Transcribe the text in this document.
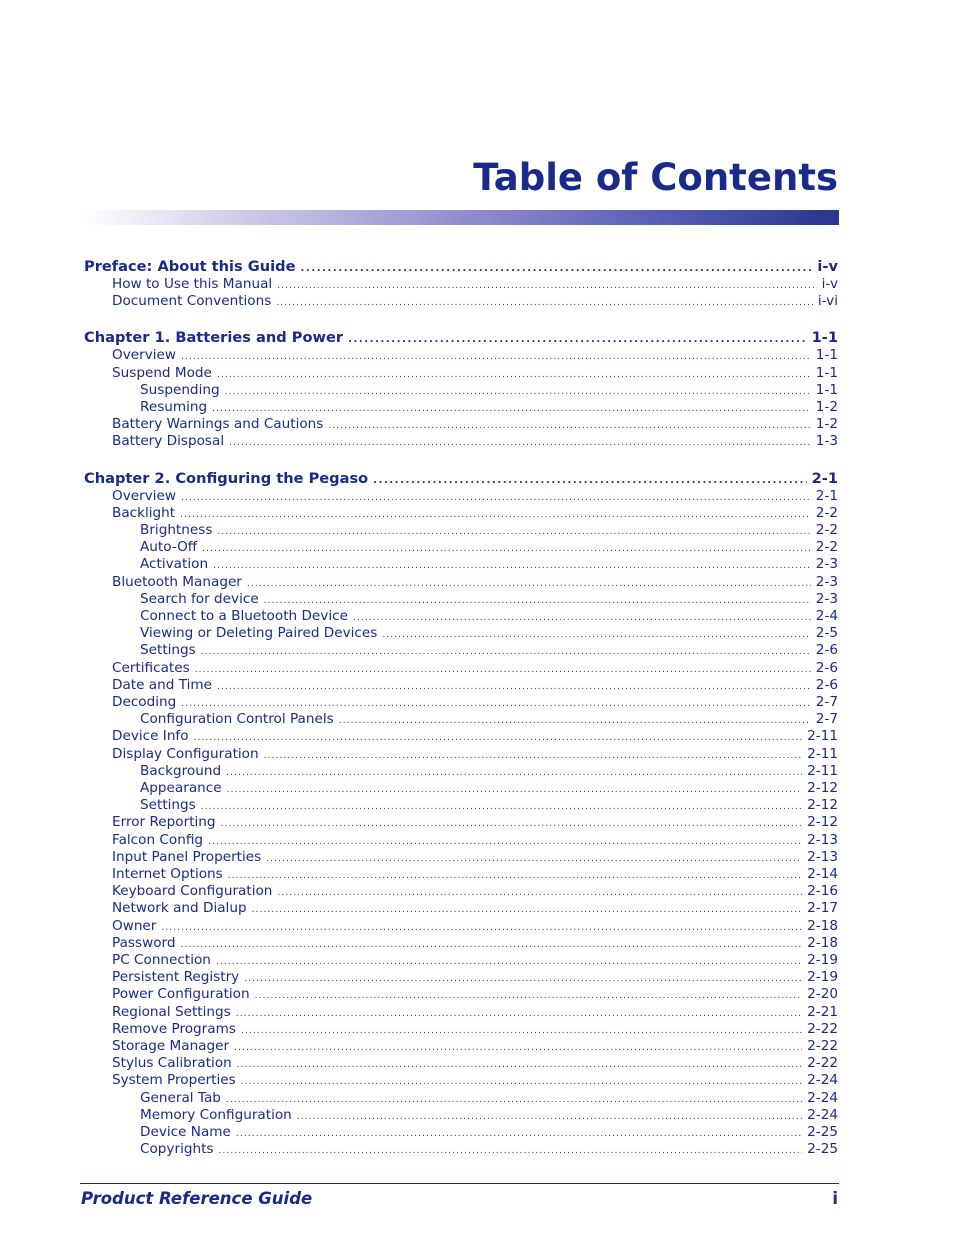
Table of Contents
Preface: About this Guide .....	i-v
How to Use this Manual .....	i-v
Document Conventions .....	i-vi
Chapter 1. Batteries and Power .....	1-1
Overview .....	1-1
Suspend Mode .....	1-1
Suspending .....	1-1
Resuming .....	1-2
Battery Warnings and Cautions .....	1-2
Battery Disposal .....	1-3
Chapter 2. Configuring the Pegaso .....	2-1
Overview .....	2-1
Backlight .....	2-2
Brightness .....	2-2
Auto-Off .....	2-2
Activation .....	2-3
Bluetooth Manager .....	2-3
Search for device .....	2-3
Connect to a Bluetooth Device .....	2-4
Viewing or Deleting Paired Devices .....	2-5
Settings .....	2-6
Certificates .....	2-6
Date and Time .....	2-6
Decoding .....	2-7
Configuration Control Panels .....	2-7
Device Info .....	2-11
Display Configuration .....	2-11
Background .....	2-11
Appearance .....	2-12
Settings .....	2-12
Error Reporting .....	2-12
Falcon Config .....	2-13
Input Panel Properties .....	2-13
Internet Options .....	2-14
Keyboard Configuration .....	2-16
Network and Dialup .....	2-17
Owner .....	2-18
Password .....	2-18
PC Connection .....	2-19
Persistent Registry .....	2-19
Power Configuration .....	2-20
Regional Settings .....	2-21
Remove Programs .....	2-22
Storage Manager .....	2-22
Stylus Calibration .....	2-22
System Properties .....	2-24
General Tab .....	2-24
Memory Configuration .....	2-24
Device Name .....	2-25
Copyrights .....	2-25
Product Reference Guide	i
